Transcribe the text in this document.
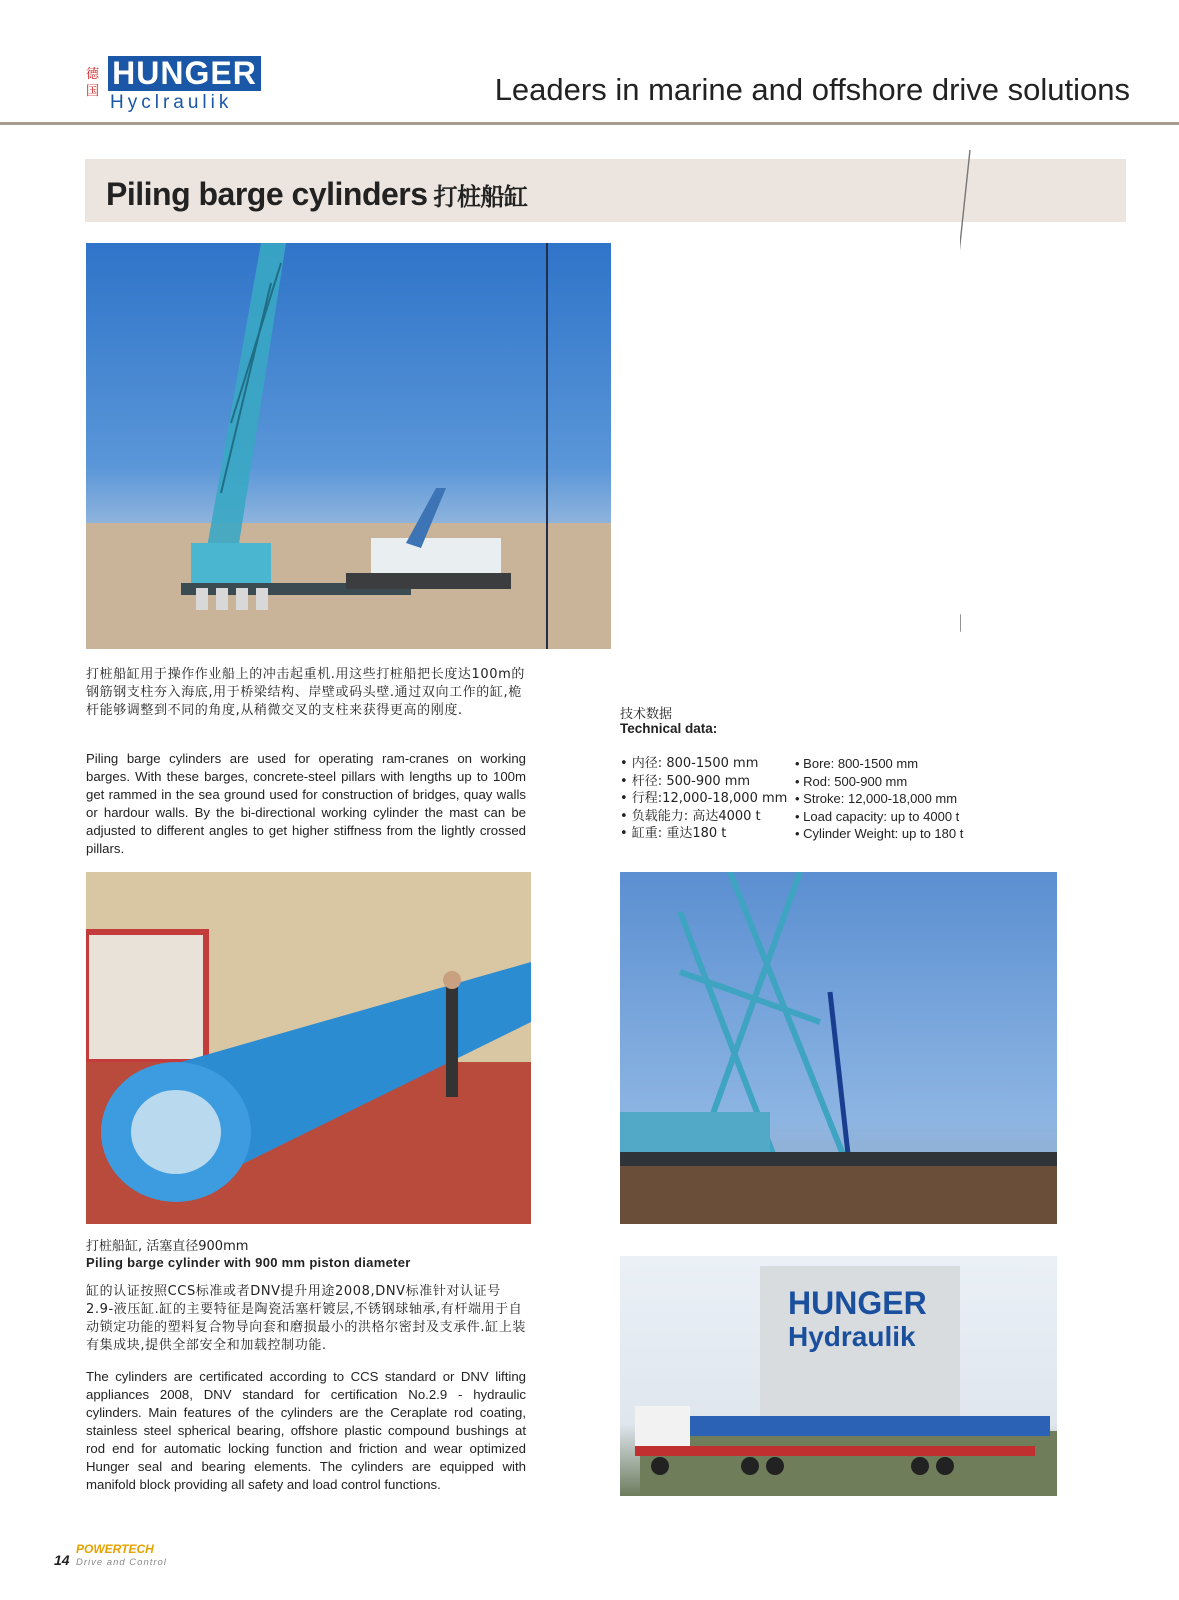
德国
HUNGER
Hyclraulik	Leaders in marine and offshore drive solutions
Piling barge cylinders 打桩船缸
打桩船缸用于操作作业船上的冲击起重机.用这些打桩船把长度达100m的钢筋钢支柱夯入海底,用于桥梁结构、岸壁或码头壁.通过双向工作的缸,桅杆能够调整到不同的角度,从稍微交叉的支柱来获得更高的刚度.
Piling barge cylinders are used for operating ram-cranes on working barges. With these barges, concrete-steel pillars with lengths up to 100m get rammed in the sea ground used for construction of bridges, quay walls or hardour walls. By the bi-directional working cylinder the mast can be adjusted to different angles to get higher stiffness from the lightly crossed pillars.
技术数据
Technical data:
• 内径: 800-1500 mm
• 杆径: 500-900 mm
• 行程:12,000-18,000 mm
• 负载能力: 高达4000 t
• 缸重: 重达180 t
• Bore: 800-1500 mm
• Rod: 500-900 mm
• Stroke: 12,000-18,000 mm
• Load capacity: up to 4000 t
• Cylinder Weight: up to 180 t
打桩船缸, 活塞直径900mm
Piling barge cylinder with 900 mm piston diameter
缸的认证按照CCS标准或者DNV提升用途2008,DNV标准针对认证号2.9-液压缸.缸的主要特征是陶瓷活塞杆镀层,不锈钢球轴承,有杆端用于自动锁定功能的塑料复合物导向套和磨损最小的洪格尔密封及支承件.缸上装有集成块,提供全部安全和加载控制功能.
The cylinders are certificated according to CCS standard or DNV lifting appliances 2008, DNV standard for certification No.2.9 - hydraulic cylinders. Main features of the cylinders are the Ceraplate rod coating, stainless steel spherical bearing, offshore plastic compound bushings at rod end for automatic locking function and friction and wear optimized Hunger seal and bearing elements. The cylinders are equipped with manifold block providing all safety and load control functions.
HUNGER
Hydraulik
14
POWERTECH
Drive and Control
